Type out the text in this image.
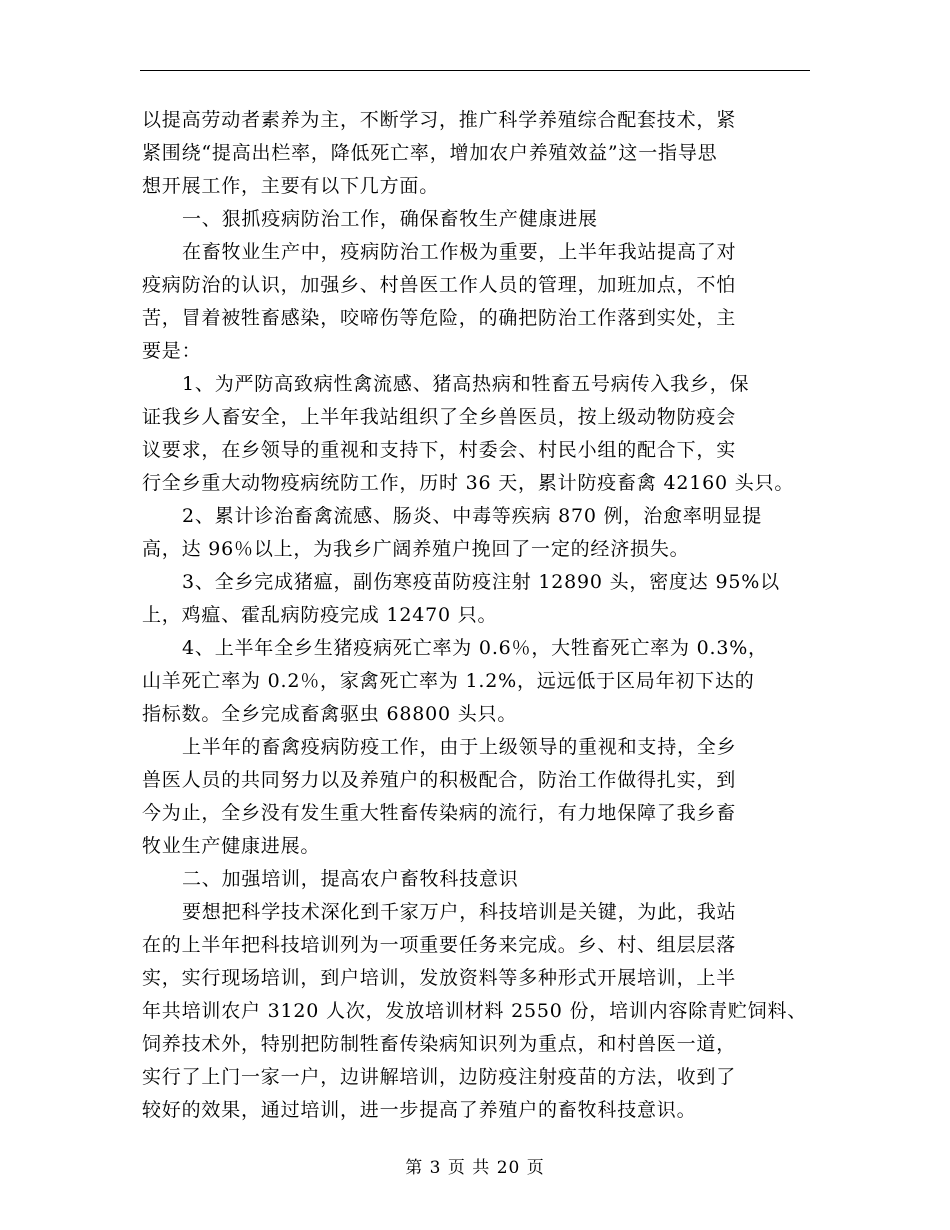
以提高劳动者素养为主，不断学习，推广科学养殖综合配套技术，紧
紧围绕“提高出栏率，降低死亡率，增加农户养殖效益”这一指导思
想开展工作，主要有以下几方面。
一、狠抓疫病防治工作，确保畜牧生产健康进展
在畜牧业生产中，疫病防治工作极为重要，上半年我站提高了对
疫病防治的认识，加强乡、村兽医工作人员的管理，加班加点，不怕
苦，冒着被牲畜感染，咬啼伤等危险，的确把防治工作落到实处，主
要是：
1、为严防高致病性禽流感、猪高热病和牲畜五号病传入我乡，保
证我乡人畜安全，上半年我站组织了全乡兽医员，按上级动物防疫会
议要求，在乡领导的重视和支持下，村委会、村民小组的配合下，实
行全乡重大动物疫病统防工作，历时 36 天，累计防疫畜禽 42160 头只。
2、累计诊治畜禽流感、肠炎、中毒等疾病 870 例，治愈率明显提
高，达 96％以上，为我乡广阔养殖户挽回了一定的经济损失。
3、全乡完成猪瘟，副伤寒疫苗防疫注射 12890 头，密度达 95%以
上，鸡瘟、霍乱病防疫完成 12470 只。
4、上半年全乡生猪疫病死亡率为 0.6％，大牲畜死亡率为 0.3%，
山羊死亡率为 0.2％，家禽死亡率为 1.2%，远远低于区局年初下达的
指标数。全乡完成畜禽驱虫 68800 头只。
上半年的畜禽疫病防疫工作，由于上级领导的重视和支持，全乡
兽医人员的共同努力以及养殖户的积极配合，防治工作做得扎实，到
今为止，全乡没有发生重大牲畜传染病的流行，有力地保障了我乡畜
牧业生产健康进展。
二、加强培训，提高农户畜牧科技意识
要想把科学技术深化到千家万户，科技培训是关键，为此，我站
在的上半年把科技培训列为一项重要任务来完成。乡、村、组层层落
实，实行现场培训，到户培训，发放资料等多种形式开展培训，上半
年共培训农户 3120 人次，发放培训材料 2550 份，培训内容除青贮饲料、
饲养技术外，特别把防制牲畜传染病知识列为重点，和村兽医一道，
实行了上门一家一户，边讲解培训，边防疫注射疫苗的方法，收到了
较好的效果，通过培训，进一步提高了养殖户的畜牧科技意识。
第 3 页 共 20 页
